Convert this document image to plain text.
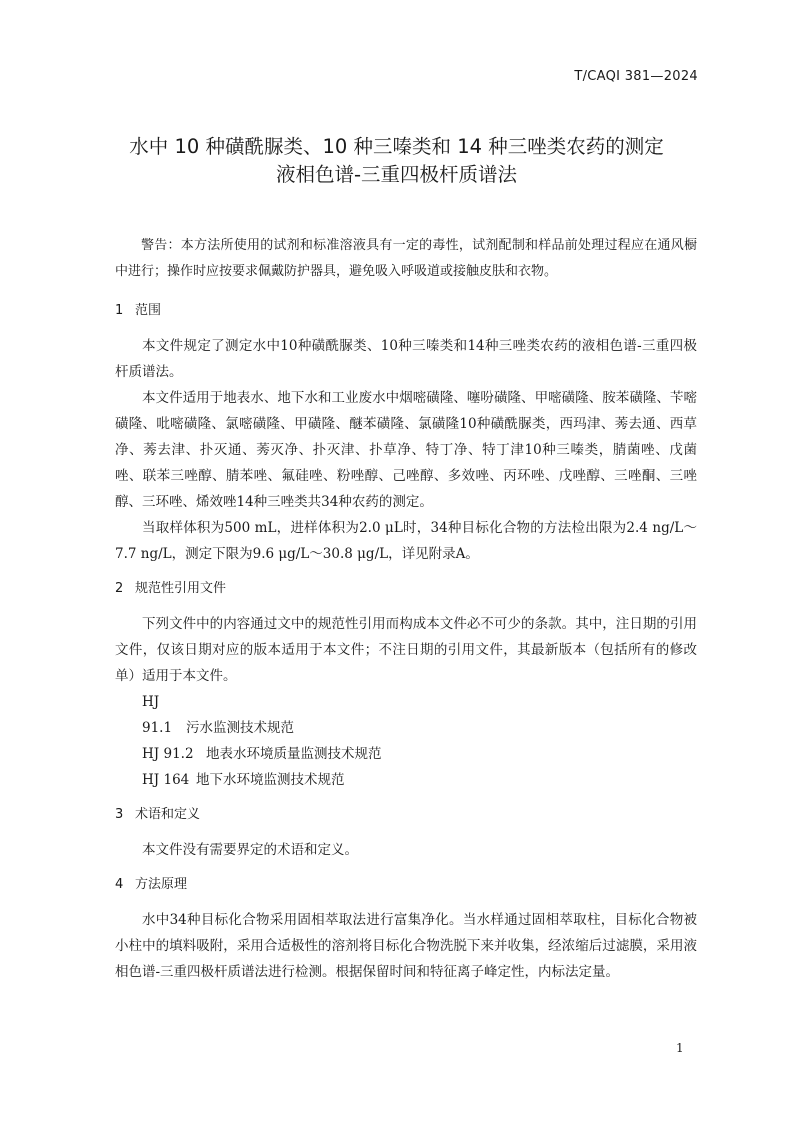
T/CAQI 381—2024
水中 10 种磺酰脲类、10 种三嗪类和 14 种三唑类农药的测定
液相色谱-三重四极杆质谱法

警告：本方法所使用的试剂和标准溶液具有一定的毒性，试剂配制和样品前处理过程应在通风橱中进行；操作时应按要求佩戴防护器具，避免吸入呼吸道或接触皮肤和衣物。

1 范围

本文件规定了测定水中10种磺酰脲类、10种三嗪类和14种三唑类农药的液相色谱-三重四极杆质谱法。

本文件适用于地表水、地下水和工业废水中烟嘧磺隆、噻吩磺隆、甲嘧磺隆、胺苯磺隆、苄嘧磺隆、吡嘧磺隆、氯嘧磺隆、甲磺隆、醚苯磺隆、氯磺隆10种磺酰脲类，西玛津、莠去通、西草净、莠去津、扑灭通、莠灭净、扑灭津、扑草净、特丁净、特丁津10种三嗪类，腈菌唑、戊菌唑、联苯三唑醇、腈苯唑、氟硅唑、粉唑醇、己唑醇、多效唑、丙环唑、戊唑醇、三唑酮、三唑醇、三环唑、烯效唑14种三唑类共34种农药的测定。

当取样体积为500 mL，进样体积为2.0 μL时，34种目标化合物的方法检出限为2.4 ng/L～7.7 ng/L，测定下限为9.6 μg/L～30.8 μg/L，详见附录A。

2 规范性引用文件

下列文件中的内容通过文中的规范性引用而构成本文件必不可少的条款。其中，注日期的引用文件，仅该日期对应的版本适用于本文件；不注日期的引用文件，其最新版本（包括所有的修改单）适用于本文件。

HJ 91.1 污水监测技术规范

HJ 91.2 地表水环境质量监测技术规范

HJ 164 地下水环境监测技术规范

3 术语和定义

本文件没有需要界定的术语和定义。

4 方法原理

水中34种目标化合物采用固相萃取法进行富集净化。当水样通过固相萃取柱，目标化合物被小柱中的填料吸附，采用合适极性的溶剂将目标化合物洗脱下来并收集，经浓缩后过滤膜，采用液相色谱-三重四极杆质谱法进行检测。根据保留时间和特征离子峰定性，内标法定量。

1
